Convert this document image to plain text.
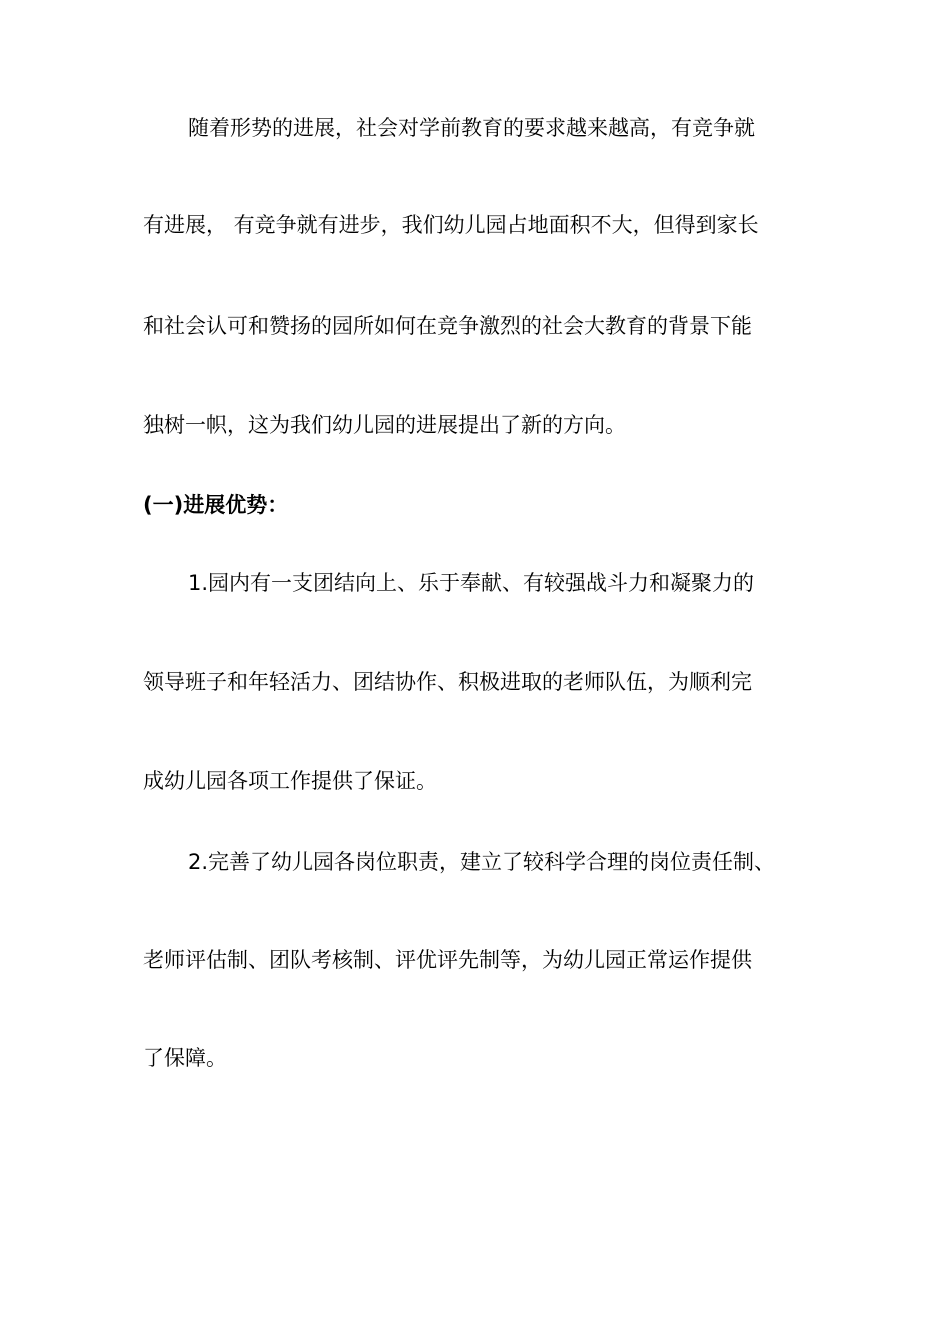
随着形势的进展，社会对学前教育的要求越来越高，有竞争就
有进展， 有竞争就有进步，我们幼儿园占地面积不大，但得到家长
和社会认可和赞扬的园所如何在竞争激烈的社会大教育的背景下能
独树一帜，这为我们幼儿园的进展提出了新的方向。
(一)进展优势：
1.园内有一支团结向上、乐于奉献、有较强战斗力和凝聚力的
领导班子和年轻活力、团结协作、积极进取的老师队伍，为顺利完
成幼儿园各项工作提供了保证。
2.完善了幼儿园各岗位职责，建立了较科学合理的岗位责任制、
老师评估制、团队考核制、评优评先制等，为幼儿园正常运作提供
了保障。
